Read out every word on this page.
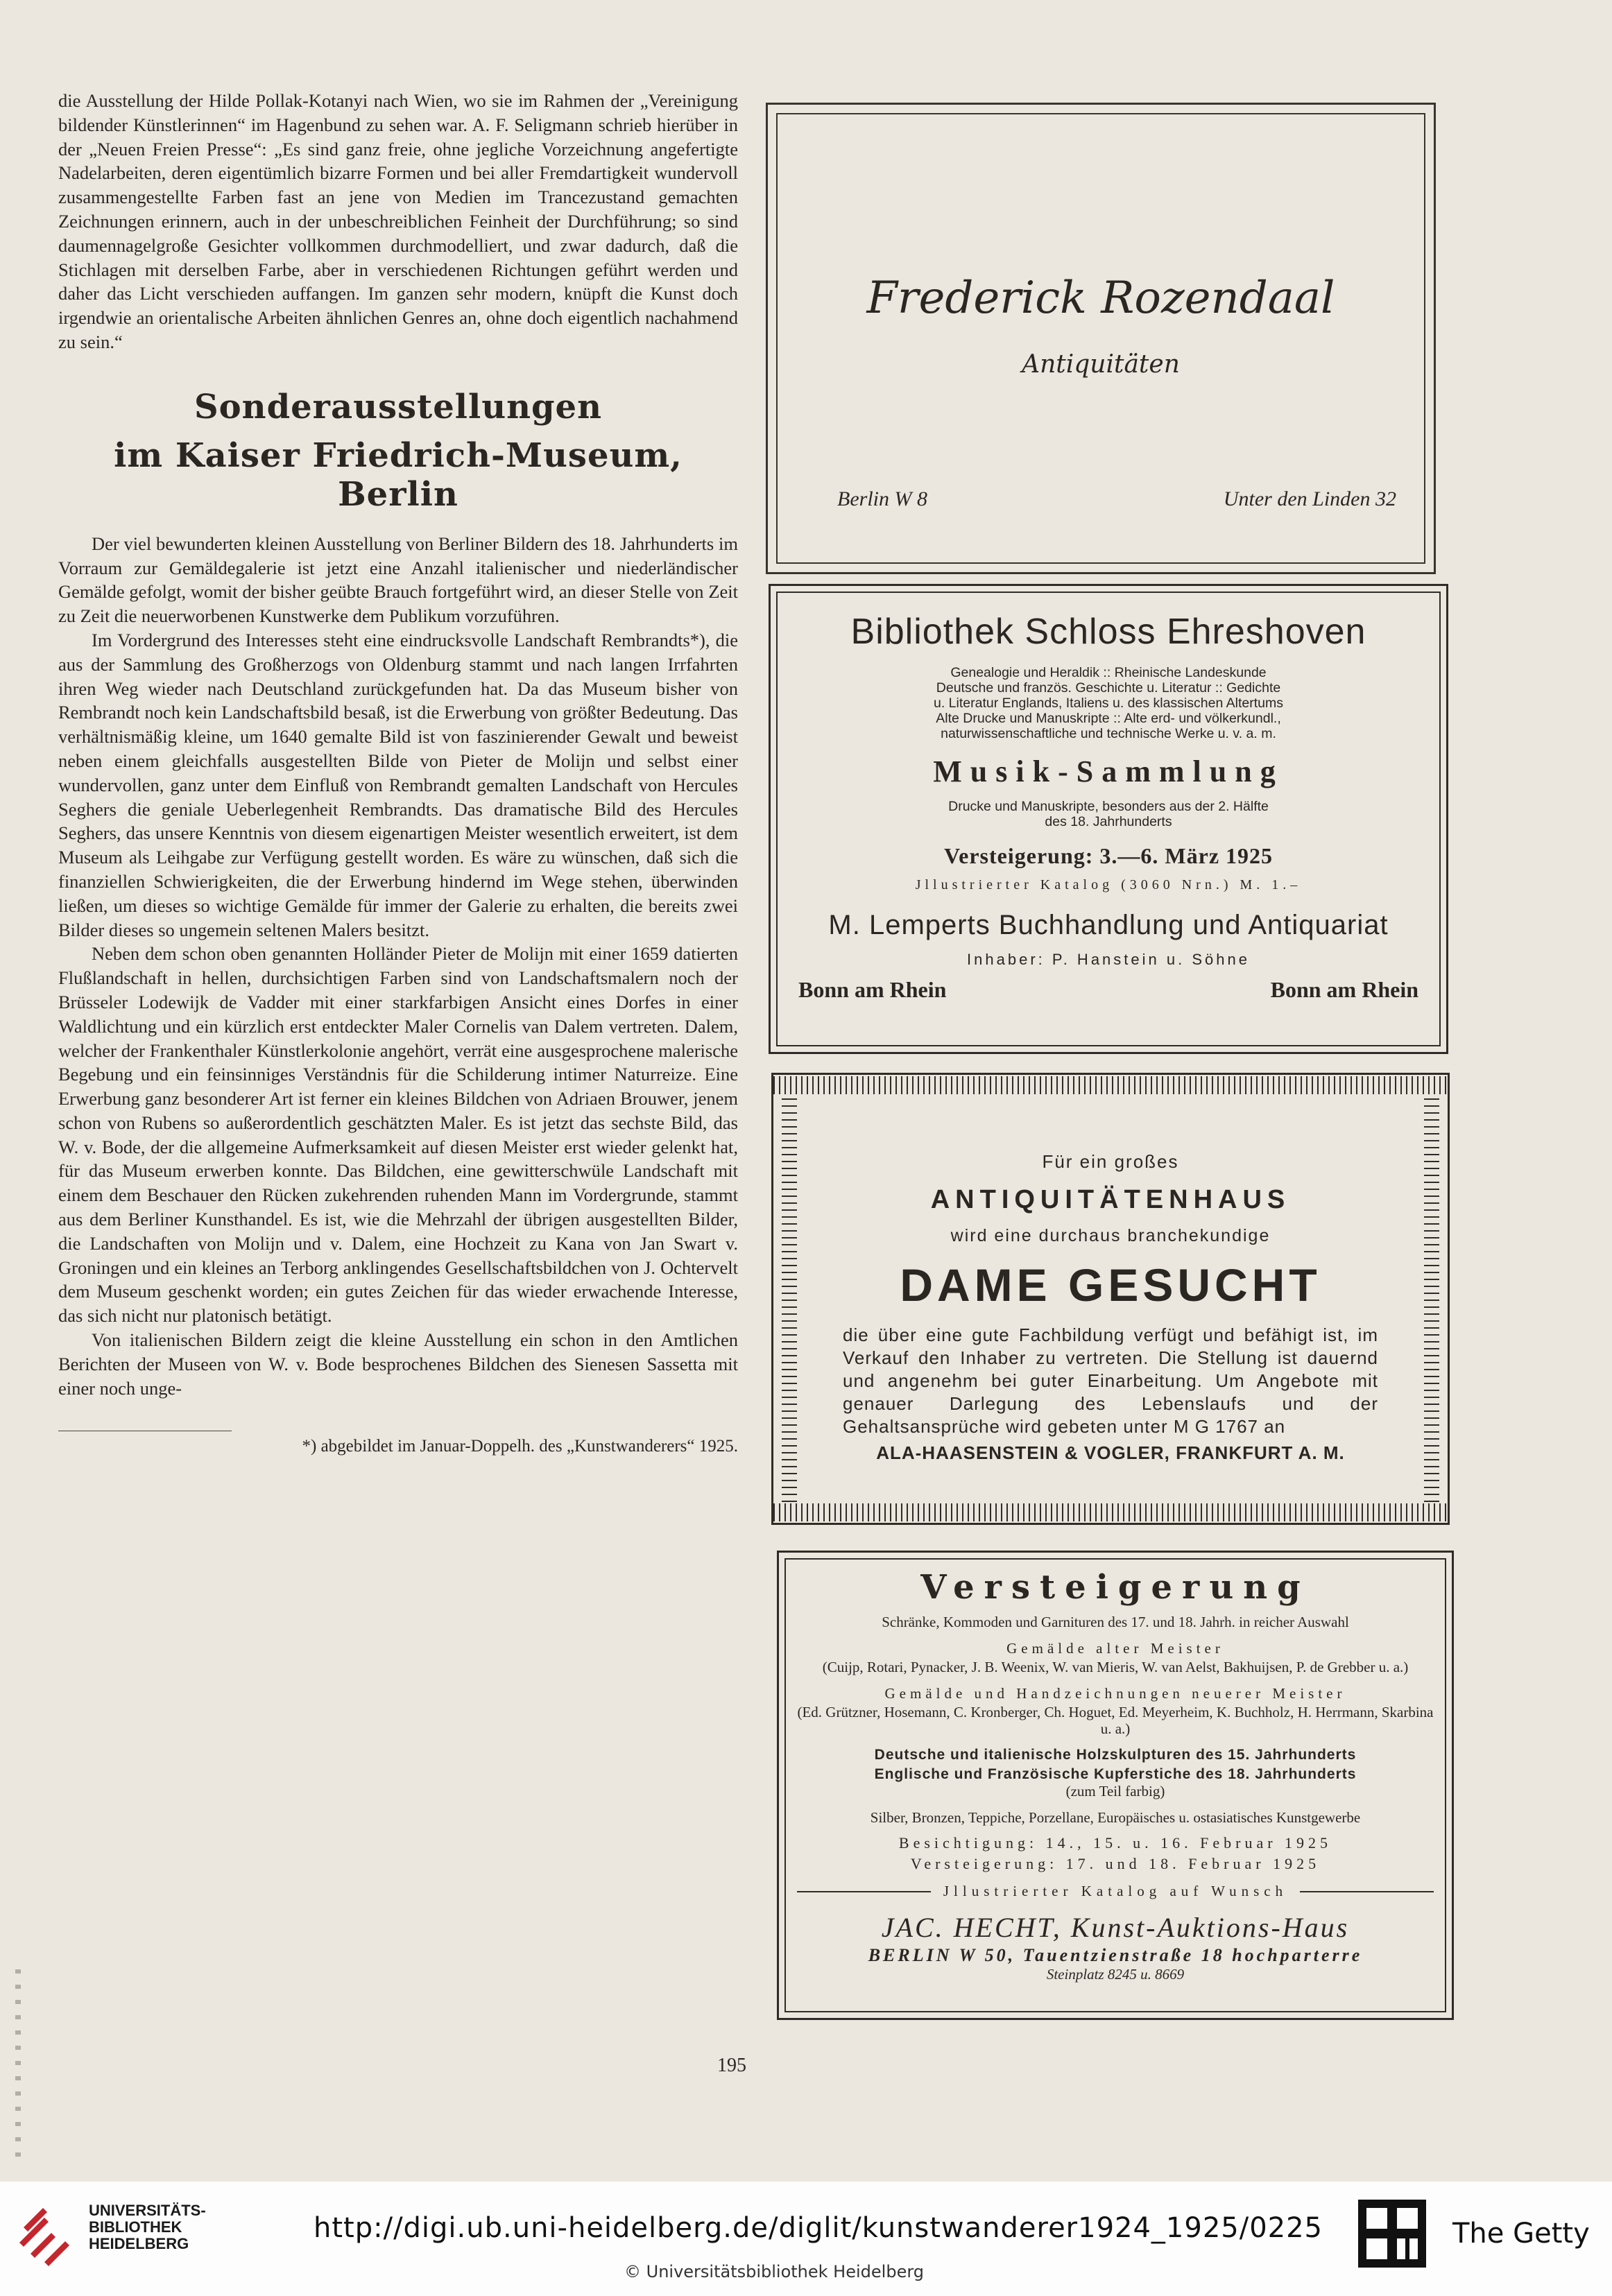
die Ausstellung der Hilde Pollak-Kotanyi nach Wien, wo sie im Rahmen der „Vereinigung bildender Künstlerinnen“ im Hagenbund zu sehen war. A. F. Seligmann schrieb hierüber in der „Neuen Freien Presse“: „Es sind ganz freie, ohne jegliche Vorzeichnung angefertigte Nadelarbeiten, deren eigentümlich bizarre Formen und bei aller Fremdartigkeit wundervoll zusammengestellte Farben fast an jene von Medien im Trancezustand gemachten Zeichnungen erinnern, auch in der unbeschreiblichen Feinheit der Durchführung; so sind daumennagelgroße Gesichter vollkommen durchmodelliert, und zwar dadurch, daß die Stichlagen mit derselben Farbe, aber in verschiedenen Richtungen geführt werden und daher das Licht verschieden auffangen. Im ganzen sehr modern, knüpft die Kunst doch irgendwie an orientalische Arbeiten ähnlichen Genres an, ohne doch eigentlich nachahmend zu sein.“

Sonderausstellungen

im Kaiser Friedrich-Museum, Berlin

Der viel bewunderten kleinen Ausstellung von Berliner Bildern des 18. Jahrhunderts im Vorraum zur Gemäldegalerie ist jetzt eine Anzahl italienischer und niederländischer Gemälde gefolgt, womit der bisher geübte Brauch fortgeführt wird, an dieser Stelle von Zeit zu Zeit die neuerworbenen Kunstwerke dem Publikum vorzuführen.

Im Vordergrund des Interesses steht eine eindrucksvolle Landschaft Rembrandts*), die aus der Sammlung des Großherzogs von Oldenburg stammt und nach langen Irrfahrten ihren Weg wieder nach Deutschland zurückgefunden hat. Da das Museum bisher von Rembrandt noch kein Landschaftsbild besaß, ist die Erwerbung von größter Bedeutung. Das verhältnismäßig kleine, um 1640 gemalte Bild ist von faszinierender Gewalt und beweist neben einem gleichfalls ausgestellten Bilde von Pieter de Molijn und selbst einer wundervollen, ganz unter dem Einfluß von Rembrandt gemalten Landschaft von Hercules Seghers die geniale Ueberlegenheit Rembrandts. Das dramatische Bild des Hercules Seghers, das unsere Kenntnis von diesem eigenartigen Meister wesentlich erweitert, ist dem Museum als Leihgabe zur Verfügung gestellt worden. Es wäre zu wünschen, daß sich die finanziellen Schwierigkeiten, die der Erwerbung hindernd im Wege stehen, überwinden ließen, um dieses so wichtige Gemälde für immer der Galerie zu erhalten, die bereits zwei Bilder dieses so ungemein seltenen Malers besitzt.

Neben dem schon oben genannten Holländer Pieter de Molijn mit einer 1659 datierten Flußlandschaft in hellen, durchsichtigen Farben sind von Landschaftsmalern noch der Brüsseler Lodewijk de Vadder mit einer starkfarbigen Ansicht eines Dorfes in einer Waldlichtung und ein kürzlich erst entdeckter Maler Cornelis van Dalem vertreten. Dalem, welcher der Frankenthaler Künstlerkolonie angehört, verrät eine ausgesprochene malerische Begebung und ein feinsinniges Verständnis für die Schilderung intimer Naturreize. Eine Erwerbung ganz besonderer Art ist ferner ein kleines Bildchen von Adriaen Brouwer, jenem schon von Rubens so außerordentlich geschätzten Maler. Es ist jetzt das sechste Bild, das W. v. Bode, der die allgemeine Aufmerksamkeit auf diesen Meister erst wieder gelenkt hat, für das Museum erwerben konnte. Das Bildchen, eine gewitterschwüle Landschaft mit einem dem Beschauer den Rücken zukehrenden ruhenden Mann im Vordergrunde, stammt aus dem Berliner Kunsthandel. Es ist, wie die Mehrzahl der übrigen ausgestellten Bilder, die Landschaften von Molijn und v. Dalem, eine Hochzeit zu Kana von Jan Swart v. Groningen und ein kleines an Terborg anklingendes Gesellschaftsbildchen von J. Ochtervelt dem Museum geschenkt worden; ein gutes Zeichen für das wieder erwachende Interesse, das sich nicht nur platonisch betätigt.

Von italienischen Bildern zeigt die kleine Ausstellung ein schon in den Amtlichen Berichten der Museen von W. v. Bode besprochenes Bildchen des Sienesen Sassetta mit einer noch unge-

*) abgebildet im Januar-Doppelh. des „Kunstwanderers“ 1925.

195
Frederick Rozendaal
Antiquitäten
Berlin W 8	Unter den Linden 32

Bibliothek Schloss Ehreshoven

Genealogie und Heraldik :: Rheinische Landeskunde

Deutsche und französ. Geschichte u. Literatur :: Gedichte

u. Literatur Englands, Italiens u. des klassischen Altertums

Alte Drucke und Manuskripte :: Alte erd- und völkerkundl.,

naturwissenschaftliche und technische Werke u. v. a. m.

Musik-Sammlung

Drucke und Manuskripte, besonders aus der 2. Hälfte

des 18. Jahrhunderts

Versteigerung: 3.—6. März 1925

Jllustrierter Katalog (3060 Nrn.) M. 1.–

M. Lemperts Buchhandlung und Antiquariat

Inhaber: P. Hanstein u. Söhne

Bonn am Rhein	Bonn am Rhein

Für ein großes

ANTIQUITÄTENHAUS

wird eine durchaus branchekundige

DAME GESUCHT

die über eine gute Fachbildung verfügt und befähigt ist, im Verkauf den Inhaber zu vertreten. Die Stellung ist dauernd und angenehm bei guter Einarbeitung. Um Angebote mit genauer Darlegung des Lebenslaufs und der Gehaltsansprüche wird gebeten unter M G 1767 an

ALA-HAASENSTEIN & VOGLER, FRANKFURT A. M.

Versteigerung

Schränke, Kommoden und Garnituren des 17. und 18. Jahrh. in reicher Auswahl

Gemälde alter Meister

(Cuijp, Rotari, Pynacker, J. B. Weenix, W. van Mieris, W. van Aelst, Bakhuijsen, P. de Grebber u. a.)

Gemälde und Handzeichnungen neuerer Meister

(Ed. Grützner, Hosemann, C. Kronberger, Ch. Hoguet, Ed. Meyerheim, K. Buchholz, H. Herrmann, Skarbina u. a.)

Deutsche und italienische Holzskulpturen des 15. Jahrhunderts

Englische und Französische Kupferstiche des 18. Jahrhunderts

(zum Teil farbig)

Silber, Bronzen, Teppiche, Porzellane, Europäisches u. ostasiatisches Kunstgewerbe

Besichtigung: 14., 15. u. 16. Februar 1925

Versteigerung: 17. und 18. Februar 1925

Jllustrierter Katalog auf Wunsch

JAC. HECHT, Kunst-Auktions-Haus

BERLIN W 50, Tauentzienstraße 18 hochparterre

Steinplatz 8245 u. 8669

UNIVERSITÄTS-
BIBLIOTHEK
HEIDELBERG	http://digi.ub.uni-heidelberg.de/diglit/kunstwanderer1924_1925/0225
© Universitätsbibliothek Heidelberg
The Getty
